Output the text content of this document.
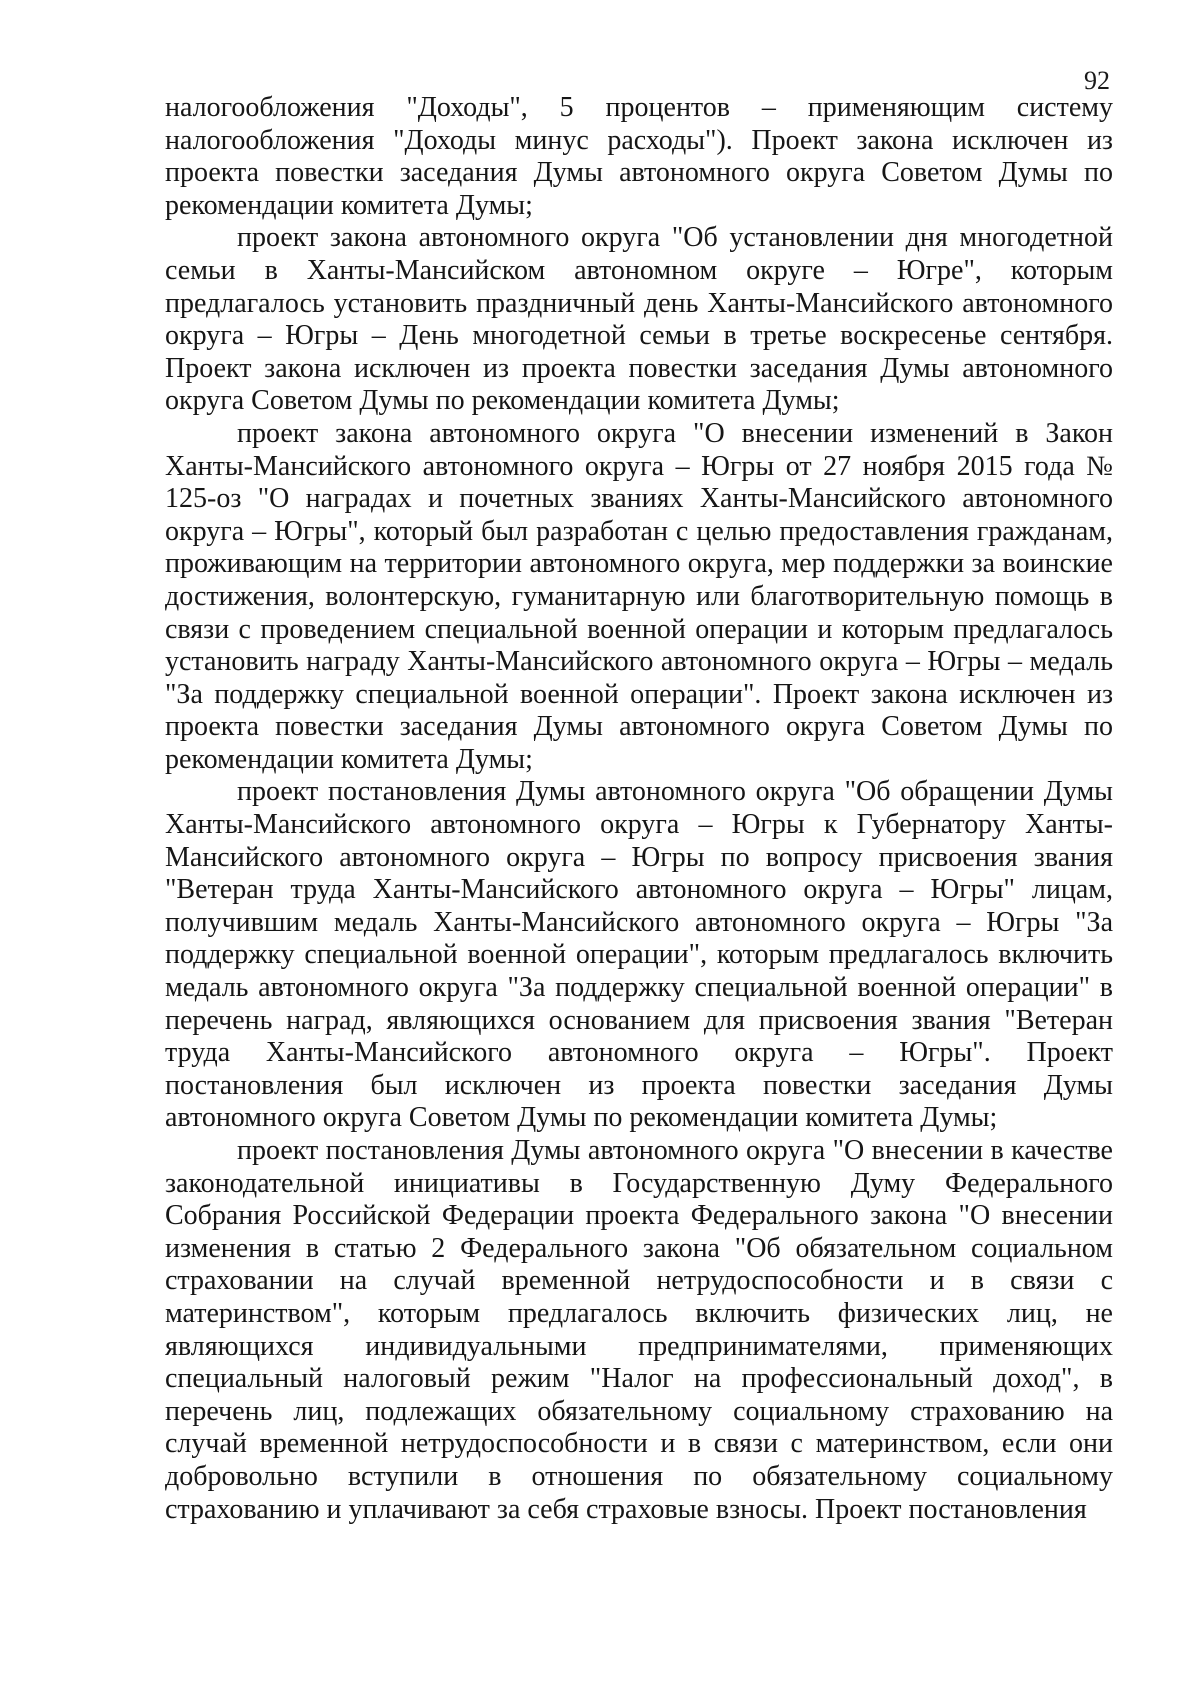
92

налогообложения "Доходы", 5 процентов – применяющим систему налогообложения "Доходы минус расходы"). Проект закона исключен из проекта повестки заседания Думы автономного округа Советом Думы по рекомендации комитета Думы;

проект закона автономного округа "Об установлении дня многодетной семьи в Ханты-Мансийском автономном округе – Югре", которым предлагалось установить праздничный день Ханты-Мансийского автономного округа – Югры – День многодетной семьи в третье воскресенье сентября. Проект закона исключен из проекта повестки заседания Думы автономного округа Советом Думы по рекомендации комитета Думы;

проект закона автономного округа "О внесении изменений в Закон Ханты-Мансийского автономного округа – Югры от 27 ноября 2015 года № 125-оз "О наградах и почетных званиях Ханты-Мансийского автономного округа – Югры", который был разработан с целью предоставления гражданам, проживающим на территории автономного округа, мер поддержки за воинские достижения, волонтерскую, гуманитарную или благотворительную помощь в связи с проведением специальной военной операции и которым предлагалось установить награду Ханты-Мансийского автономного округа – Югры – медаль "За поддержку специальной военной операции". Проект закона исключен из проекта повестки заседания Думы автономного округа Советом Думы по рекомендации комитета Думы;

проект постановления Думы автономного округа "Об обращении Думы Ханты-Мансийского автономного округа – Югры к Губернатору Ханты-Мансийского автономного округа – Югры по вопросу присвоения звания "Ветеран труда Ханты-Мансийского автономного округа – Югры" лицам, получившим медаль Ханты-Мансийского автономного округа – Югры "За поддержку специальной военной операции", которым предлагалось включить медаль автономного округа "За поддержку специальной военной операции" в перечень наград, являющихся основанием для присвоения звания "Ветеран труда Ханты-Мансийского автономного округа – Югры". Проект постановления был исключен из проекта повестки заседания Думы автономного округа Советом Думы по рекомендации комитета Думы;

проект постановления Думы автономного округа "О внесении в качестве законодательной инициативы в Государственную Думу Федерального Собрания Российской Федерации проекта Федерального закона "О внесении изменения в статью 2 Федерального закона "Об обязательном социальном страховании на случай временной нетрудоспособности и в связи с материнством", которым предлагалось включить физических лиц, не являющихся индивидуальными предпринимателями, применяющих специальный налоговый режим "Налог на профессиональный доход", в перечень лиц, подлежащих обязательному социальному страхованию на случай временной нетрудоспособности и в связи с материнством, если они добровольно вступили в отношения по обязательному социальному страхованию и уплачивают за себя страховые взносы. Проект постановления
